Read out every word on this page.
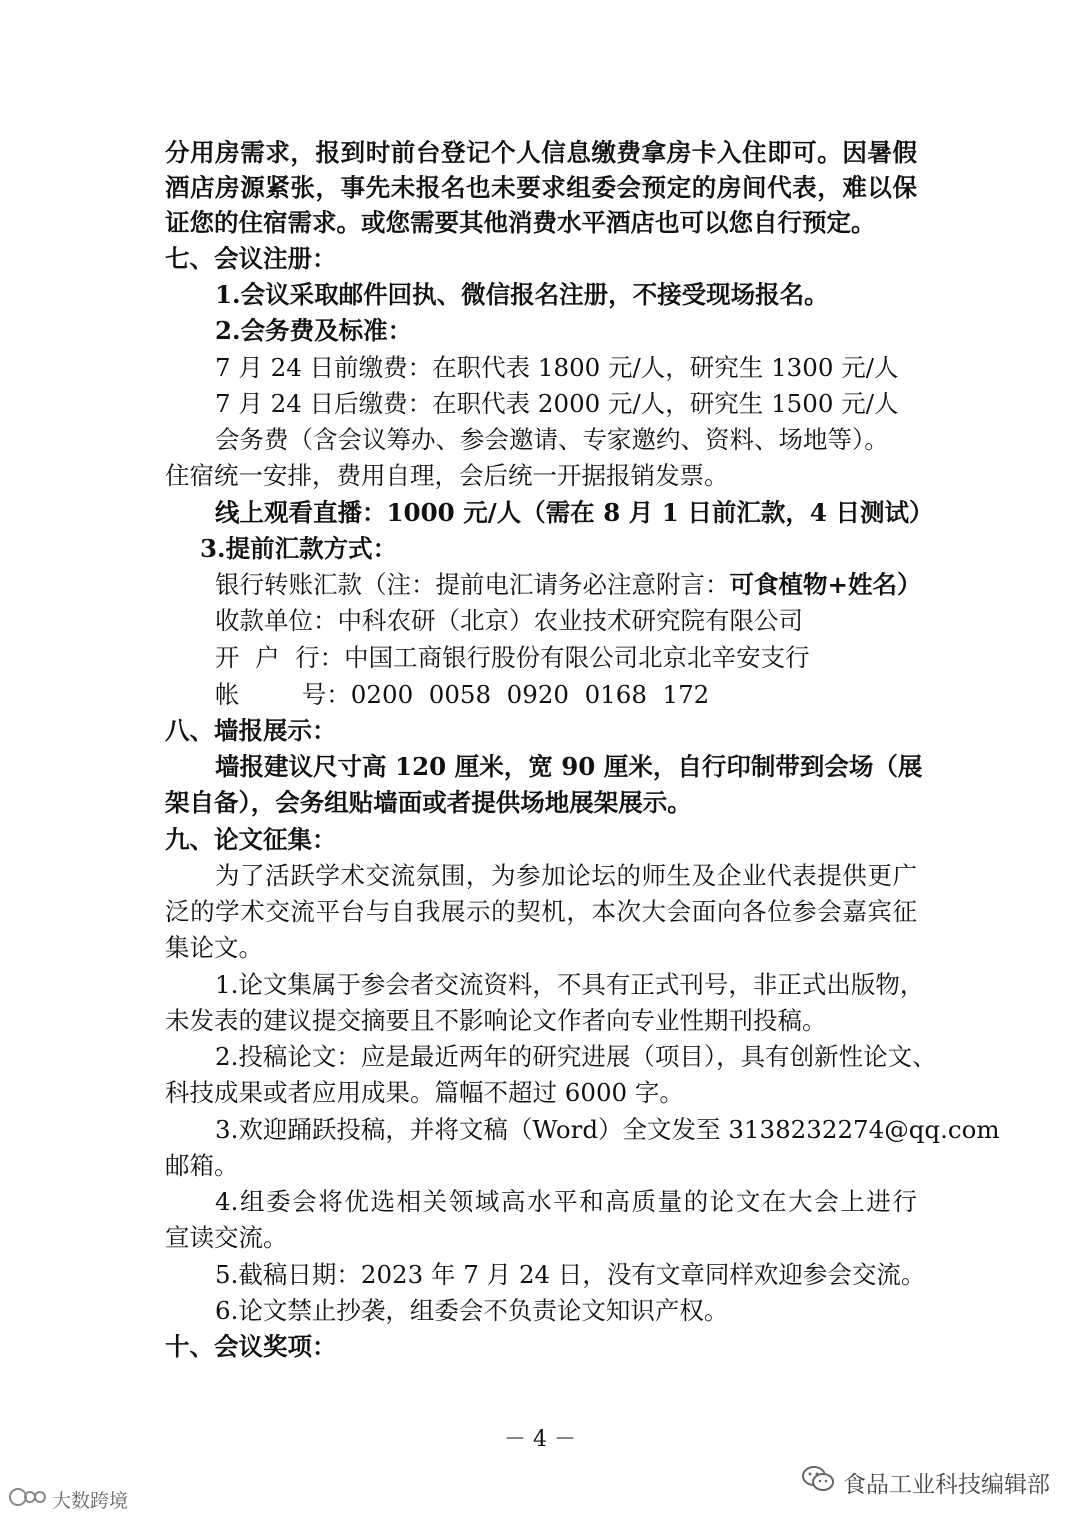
分用房需求，报到时前台登记个人信息缴费拿房卡入住即可。因暑假
酒店房源紧张，事先未报名也未要求组委会预定的房间代表，难以保
证您的住宿需求。或您需要其他消费水平酒店也可以您自行预定。
七、会议注册：
1.会议采取邮件回执、微信报名注册，不接受现场报名。
2.会务费及标准：
7 月 24 日前缴费：在职代表 1800 元/人，研究生 1300 元/人
7 月 24 日后缴费：在职代表 2000 元/人，研究生 1500 元/人
会务费（含会议筹办、参会邀请、专家邀约、资料、场地等）。
住宿统一安排，费用自理，会后统一开据报销发票。
线上观看直播：1000 元/人（需在 8 月 1 日前汇款，4 日测试）
3.提前汇款方式：
银行转账汇款（注：提前电汇请务必注意附言：可食植物+姓名）
收款单位：中科农研（北京）农业技术研究院有限公司
开  户  行：中国工商银行股份有限公司北京北辛安支行
帐        号：0200  0058  0920  0168  172
八、墙报展示：
墙报建议尺寸高 120 厘米，宽 90 厘米，自行印制带到会场（展
架自备），会务组贴墙面或者提供场地展架展示。
九、论文征集：
为了活跃学术交流氛围，为参加论坛的师生及企业代表提供更广
泛的学术交流平台与自我展示的契机，本次大会面向各位参会嘉宾征
集论文。
1.论文集属于参会者交流资料，不具有正式刊号，非正式出版物，
未发表的建议提交摘要且不影响论文作者向专业性期刊投稿。
2.投稿论文：应是最近两年的研究进展（项目），具有创新性论文、
科技成果或者应用成果。篇幅不超过 6000 字。
3.欢迎踊跃投稿，并将文稿（Word）全文发至 3138232274@qq.com
邮箱。
4.组委会将优选相关领域高水平和高质量的论文在大会上进行
宣读交流。
5.截稿日期：2023 年 7 月 24 日，没有文章同样欢迎参会交流。
6.论文禁止抄袭，组委会不负责论文知识产权。
十、会议奖项：
－ 4 －
食品工业科技编辑部
大数跨境
